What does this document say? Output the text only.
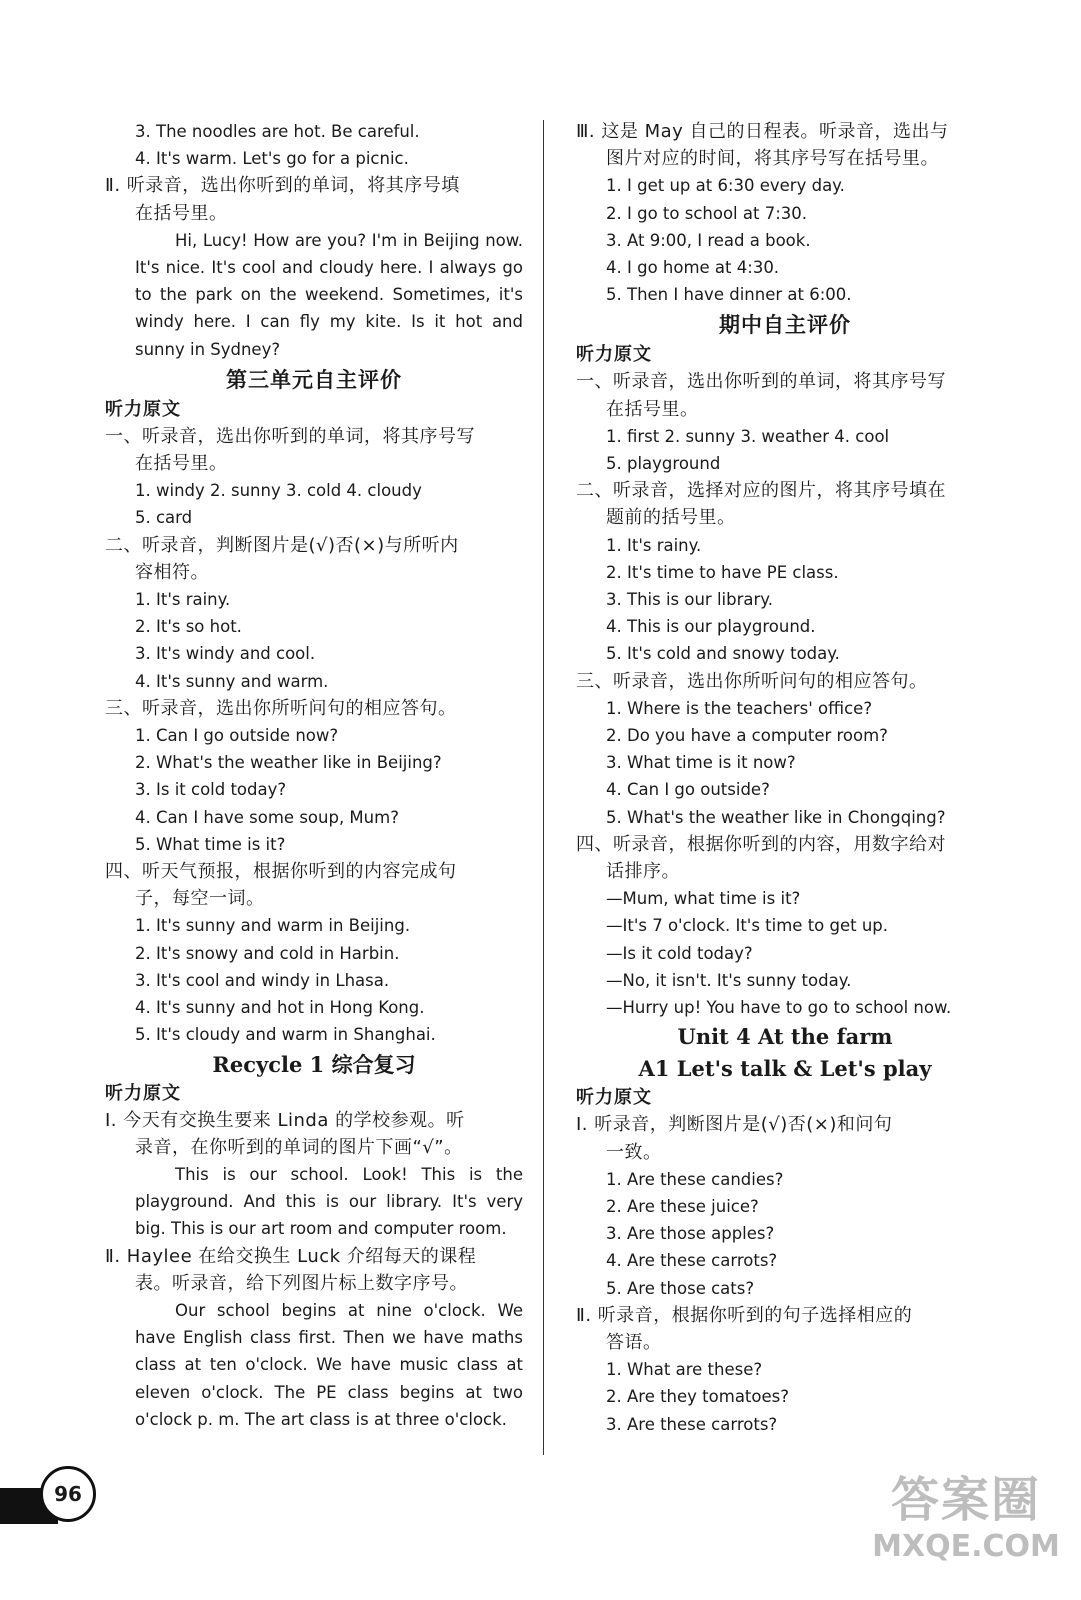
3. The noodles are hot. Be careful.
4. It's warm. Let's go for a picnic.
Ⅱ. 听录音，选出你听到的单词，将其序号填
在括号里。
Hi, Lucy! How are you? I'm in Beijing now. It's nice. It's cool and cloudy here. I always go to the park on the weekend. Sometimes, it's windy here. I can fly my kite. Is it hot and sunny in Sydney?
第三单元自主评价
听力原文
一、听录音，选出你听到的单词，将其序号写
在括号里。
1. windy 2. sunny 3. cold 4. cloudy
5. card
二、听录音，判断图片是(√)否(×)与所听内
容相符。
1. It's rainy.
2. It's so hot.
3. It's windy and cool.
4. It's sunny and warm.
三、听录音，选出你所听问句的相应答句。
1. Can I go outside now?
2. What's the weather like in Beijing?
3. Is it cold today?
4. Can I have some soup, Mum?
5. What time is it?
四、听天气预报，根据你听到的内容完成句
子，每空一词。
1. It's sunny and warm in Beijing.
2. It's snowy and cold in Harbin.
3. It's cool and windy in Lhasa.
4. It's sunny and hot in Hong Kong.
5. It's cloudy and warm in Shanghai.
Recycle 1 综合复习
听力原文
Ⅰ. 今天有交换生要来 Linda 的学校参观。听
录音，在你听到的单词的图片下画“√”。
This is our school. Look! This is the playground. And this is our library. It's very big. This is our art room and computer room.
Ⅱ. Haylee 在给交换生 Luck 介绍每天的课程
表。听录音，给下列图片标上数字序号。
Our school begins at nine o'clock. We have English class first. Then we have maths class at ten o'clock. We have music class at eleven o'clock. The PE class begins at two o'clock p. m. The art class is at three o'clock.
Ⅲ. 这是 May 自己的日程表。听录音，选出与
图片对应的时间，将其序号写在括号里。
1. I get up at 6:30 every day.
2. I go to school at 7:30.
3. At 9:00, I read a book.
4. I go home at 4:30.
5. Then I have dinner at 6:00.
期中自主评价
听力原文
一、听录音，选出你听到的单词，将其序号写
在括号里。
1. first 2. sunny 3. weather 4. cool
5. playground
二、听录音，选择对应的图片，将其序号填在
题前的括号里。
1. It's rainy.
2. It's time to have PE class.
3. This is our library.
4. This is our playground.
5. It's cold and snowy today.
三、听录音，选出你所听问句的相应答句。
1. Where is the teachers' office?
2. Do you have a computer room?
3. What time is it now?
4. Can I go outside?
5. What's the weather like in Chongqing?
四、听录音，根据你听到的内容，用数字给对
话排序。
—Mum, what time is it?
—It's 7 o'clock. It's time to get up.
—Is it cold today?
—No, it isn't. It's sunny today.
—Hurry up! You have to go to school now.
Unit 4 At the farm
A1 Let's talk & Let's play
听力原文
Ⅰ. 听录音，判断图片是(√)否(×)和问句
一致。
1. Are these candies?
2. Are these juice?
3. Are those apples?
4. Are these carrots?
5. Are those cats?
Ⅱ. 听录音，根据你听到的句子选择相应的
答语。
1. What are these?
2. Are they tomatoes?
3. Are these carrots?
96	答案圈
MXQE.COM
